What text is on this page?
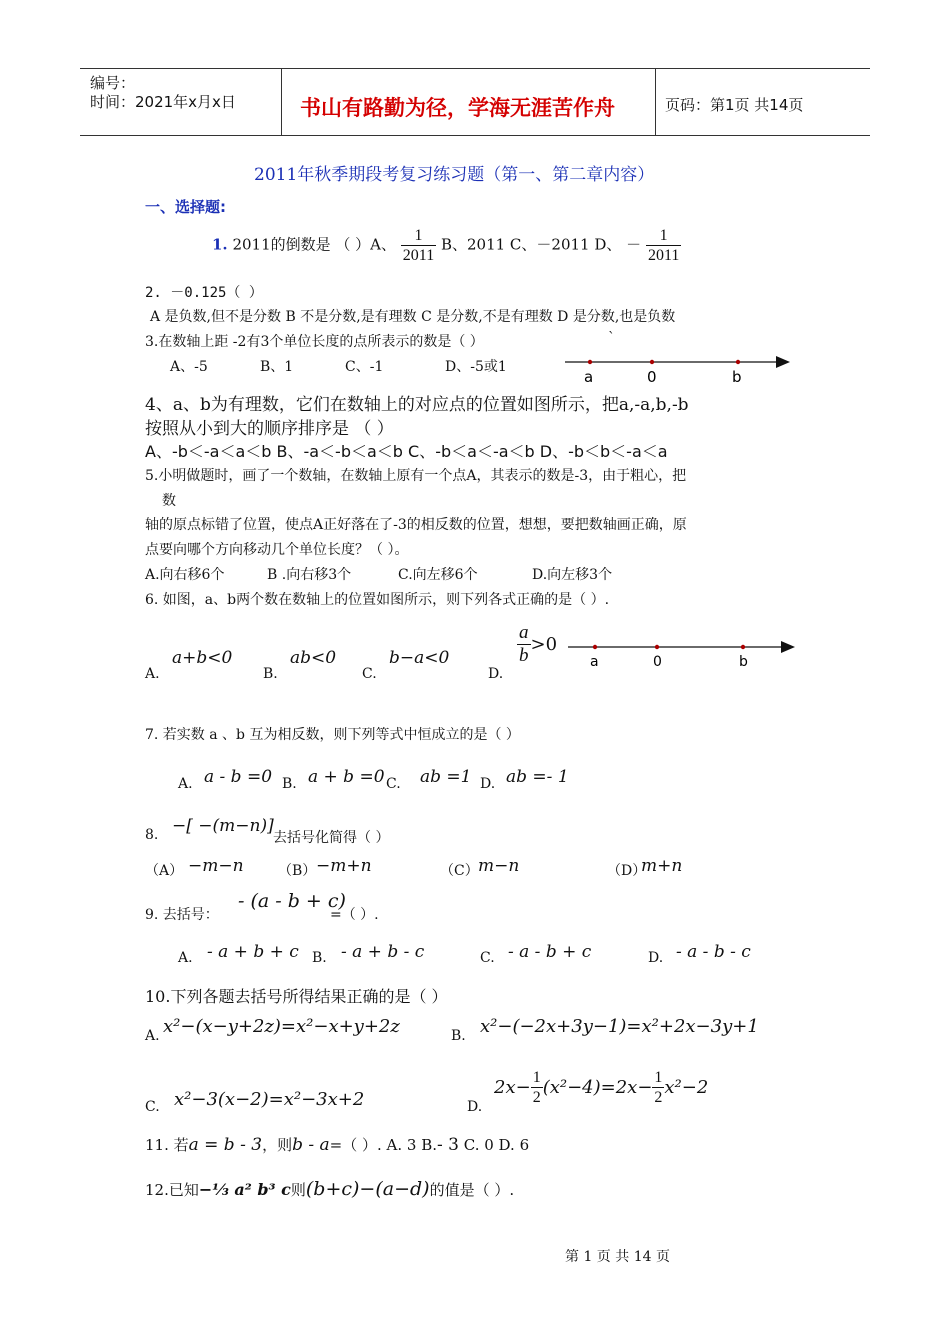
编号：
时间：2021年x月x日	书山有路勤为径，学海无涯苦作舟	页码：第1页 共14页
2011年秋季期段考复习练习题（第一、第二章内容）
一、选择题:
1. 2011的倒数是 （ ）A、 $\frac{1}{2011}$ B、2011 C、－2011 D、 － $\frac{1}{2011}$
2. －0.125（ ）
A 是负数,但不是分数 B 不是分数,是有理数 C 是分数,不是有理数 D 是分数,也是负数
3.在数轴上距 -2有3个单位长度的点所表示的数是（ ）	`
A、-5	B、1	C、-1	D、-5或1
a	0	b
4、a、b为有理数，它们在数轴上的对应点的位置如图所示，把a,-a,b,-b
按照从小到大的顺序排序是 （ ）
A、-b＜-a＜a＜b B、-a＜-b＜a＜b C、-b＜a＜-a＜b D、-b＜b＜-a＜a
5.小明做题时，画了一个数轴，在数轴上原有一个点A，其表示的数是-3，由于粗心，把
数
轴的原点标错了位置，使点A正好落在了-3的相反数的位置，想想，要把数轴画正确，原
点要向哪个方向移动几个单位长度？（ ）。
A.向右移6个	B .向右移3个	C.向左移6个	D.向左移3个
6. 如图，a、b两个数在数轴上的位置如图所示，则下列各式正确的是（ ）.
A.
a+b<0
B.
ab<0
C.
b−a<0
D.
$\frac{a}{b} >0$
a	0	b
7. 若实数 a 、b 互为相反数，则下列等式中恒成立的是（ ）
A. a - b =0 B. a + b =0 C. ab =1 D. ab =- 1
8. −[ −(m−n)]
去括号化简得（ ）
（A） −m−n （B） −m+n	（C） m−n	（D）
m+n
9. 去括号：
- (a - b + c)
=（ ）.
A. - a + b + c B. - a + b - c	C. - a - b + c	D. - a - b - c
10.下列各题去括号所得结果正确的是（ ）
A. x²−(x−y+2z)=x²−x+y+2z	B. x²−(−2x+3y−1)=x²+2x−3y+1
C. x²−3(x−2)=x²−3x+2	D.
$2x- \frac{1}{2} (x^2-4)=2x- \frac{1}{2} x^2-2$
11. 若a = b - 3，则b - a=（ ）. A. 3 B.- 3 C. 0 D. 6
12.已知−⅓ a² b³ c则(b+c)−(a−d)的值是（ ）.
第 1 页 共 14 页
